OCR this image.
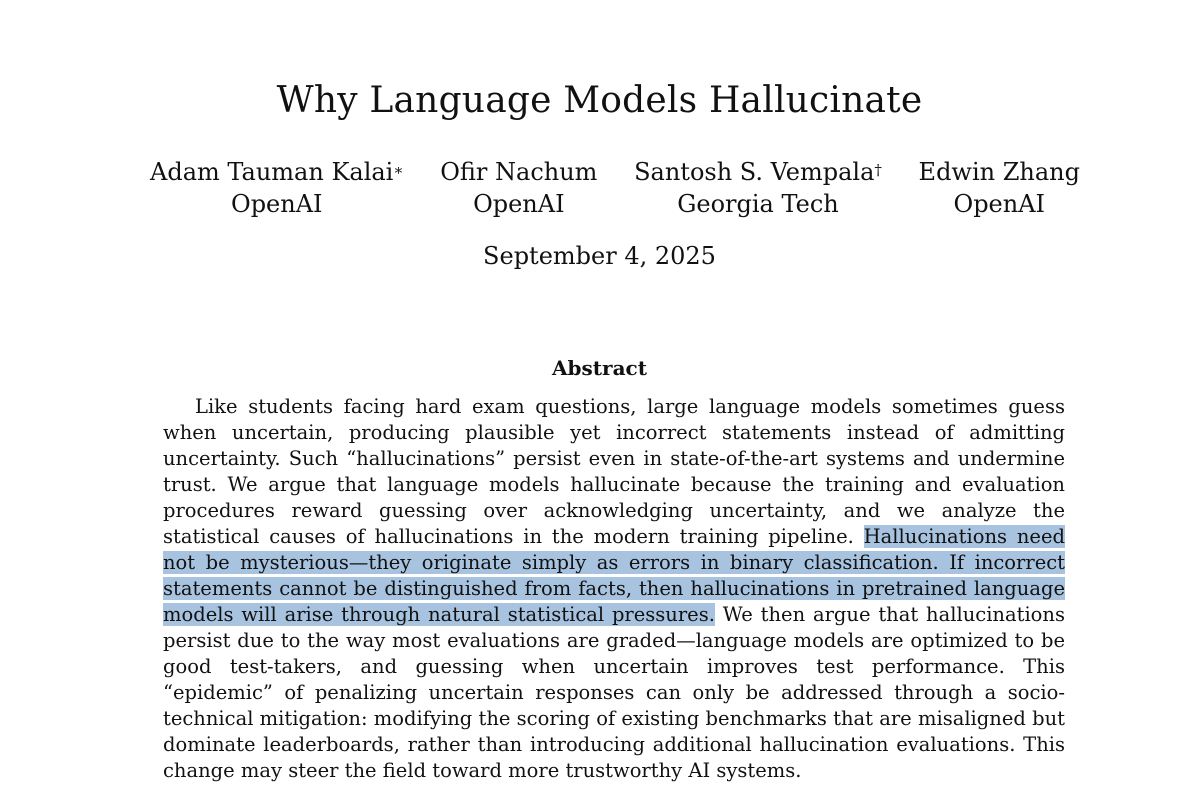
Why Language Models Hallucinate
Adam Tauman Kalai∗
OpenAI
Ofir Nachum
OpenAI
Santosh S. Vempala†
Georgia Tech
Edwin Zhang
OpenAI
September 4, 2025
Abstract

Like students facing hard exam questions, large language models sometimes guess when uncertain, producing plausible yet incorrect statements instead of admitting uncertainty. Such “hallucinations” persist even in state-of-the-art systems and undermine trust. We argue that language models hallucinate because the training and evaluation procedures reward guessing over acknowledging uncertainty, and we analyze the statistical causes of hallucinations in the modern training pipeline. Hallucinations need not be mysterious—they originate simply as errors in binary classification. If incorrect statements cannot be distinguished from facts, then hallucinations in pretrained language models will arise through natural statistical pressures. We then argue that hallucinations persist due to the way most evaluations are graded—language models are optimized to be good test-takers, and guessing when uncertain improves test performance. This “epidemic” of penalizing uncertain responses can only be addressed through a socio-technical mitigation: modifying the scoring of existing benchmarks that are misaligned but dominate leaderboards, rather than introducing additional hallucination evaluations. This change may steer the field toward more trustworthy AI systems.
